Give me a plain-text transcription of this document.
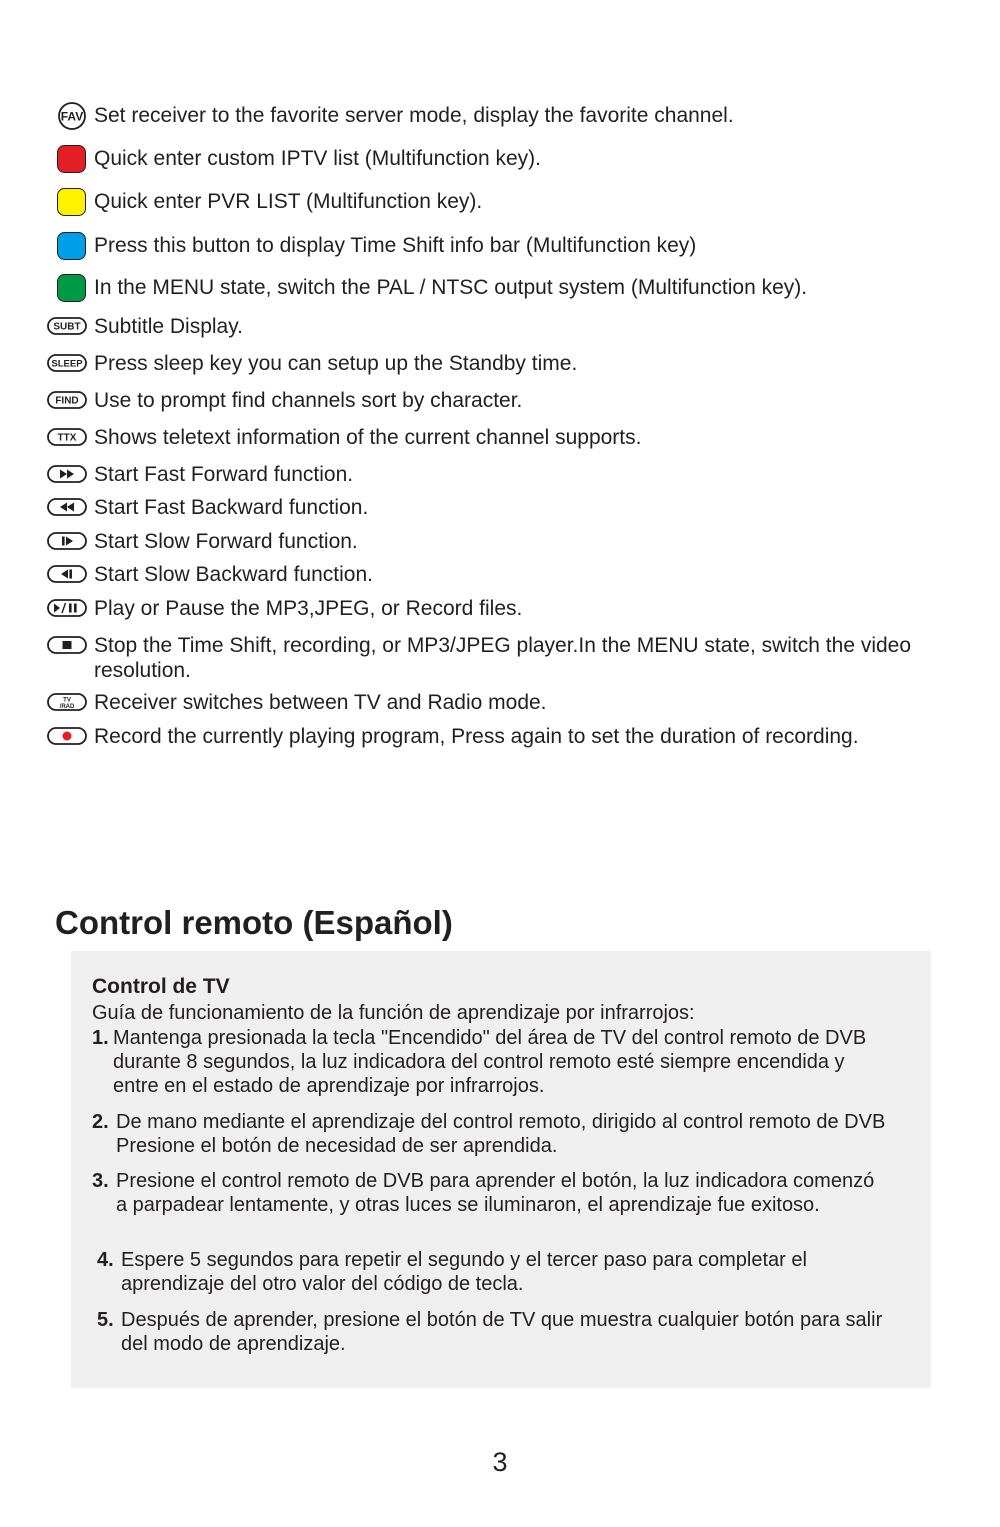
FAV Set receiver to the favorite server mode, display the favorite channel.
Quick enter custom IPTV list (Multifunction key).
Quick enter PVR LIST (Multifunction key).
Press this button to display Time Shift info bar (Multifunction key)
In the MENU state, switch the PAL / NTSC output system (Multifunction key).
SUBT Subtitle Display.
SLEEP Press sleep key you can setup up the Standby time.
FIND Use to prompt find channels sort by character.
TTX Shows teletext information of the current channel supports.
Start Fast Forward function.
Start Fast Backward function.
Start Slow Forward function.
Start Slow Backward function.
Play or Pause the MP3,JPEG, or Record files.
Stop the Time Shift, recording, or MP3/JPEG player.In the MENU state, switch the video resolution.
TV
/RAD Receiver switches between TV and Radio mode.
Record the currently playing program, Press again to set the duration of recording.
Control remoto (Español)
Control de TV
Guía de funcionamiento de la función de aprendizaje por infrarrojos:
1. Mantenga presionada la tecla "Encendido" del área de TV del control remoto de DVB durante 8 segundos, la luz indicadora del control remoto esté siempre encendida y entre en el estado de aprendizaje por infrarrojos.
2. De mano mediante el aprendizaje del control remoto, dirigido al control remoto de DVB Presione el botón de necesidad de ser aprendida.
3. Presione el control remoto de DVB para aprender el botón, la luz indicadora comenzó a parpadear lentamente, y otras luces se iluminaron, el aprendizaje fue exitoso.
4. Espere 5 segundos para repetir el segundo y el tercer paso para completar el aprendizaje del otro valor del código de tecla.
5. Después de aprender, presione el botón de TV que muestra cualquier botón para salir del modo de aprendizaje.
3
